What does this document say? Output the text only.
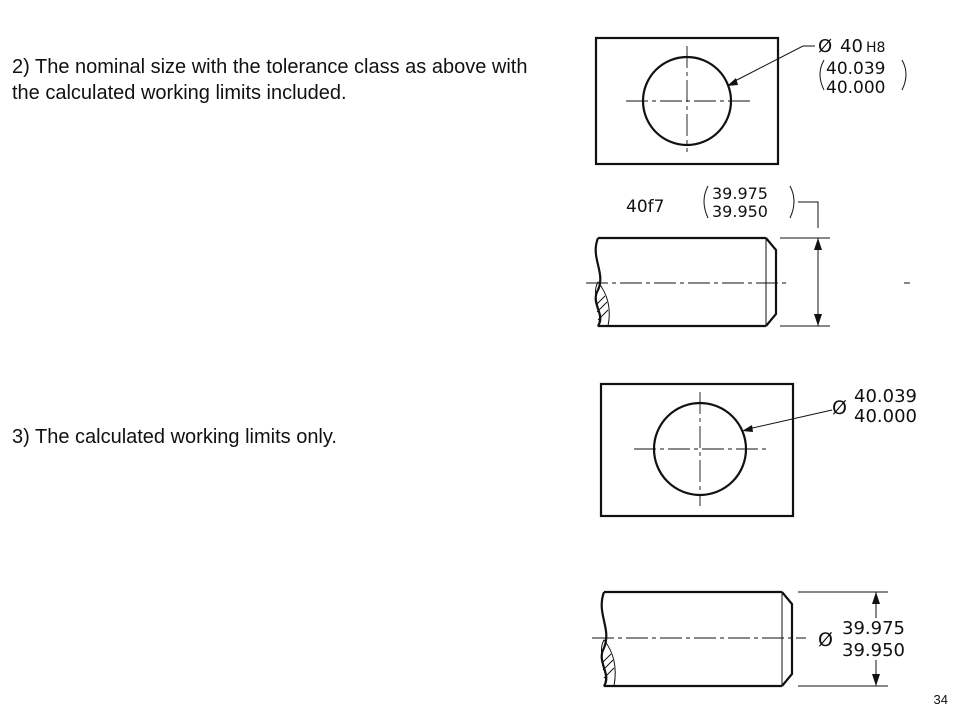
2) The nominal size with the tolerance class as above with the calculated working limits included.

3) The calculated working limits only.

34
Ø 40 H8
40.039
40.000
40f7
39.975
39.950
Ø
40.039
40.000
Ø
39.975
39.950
